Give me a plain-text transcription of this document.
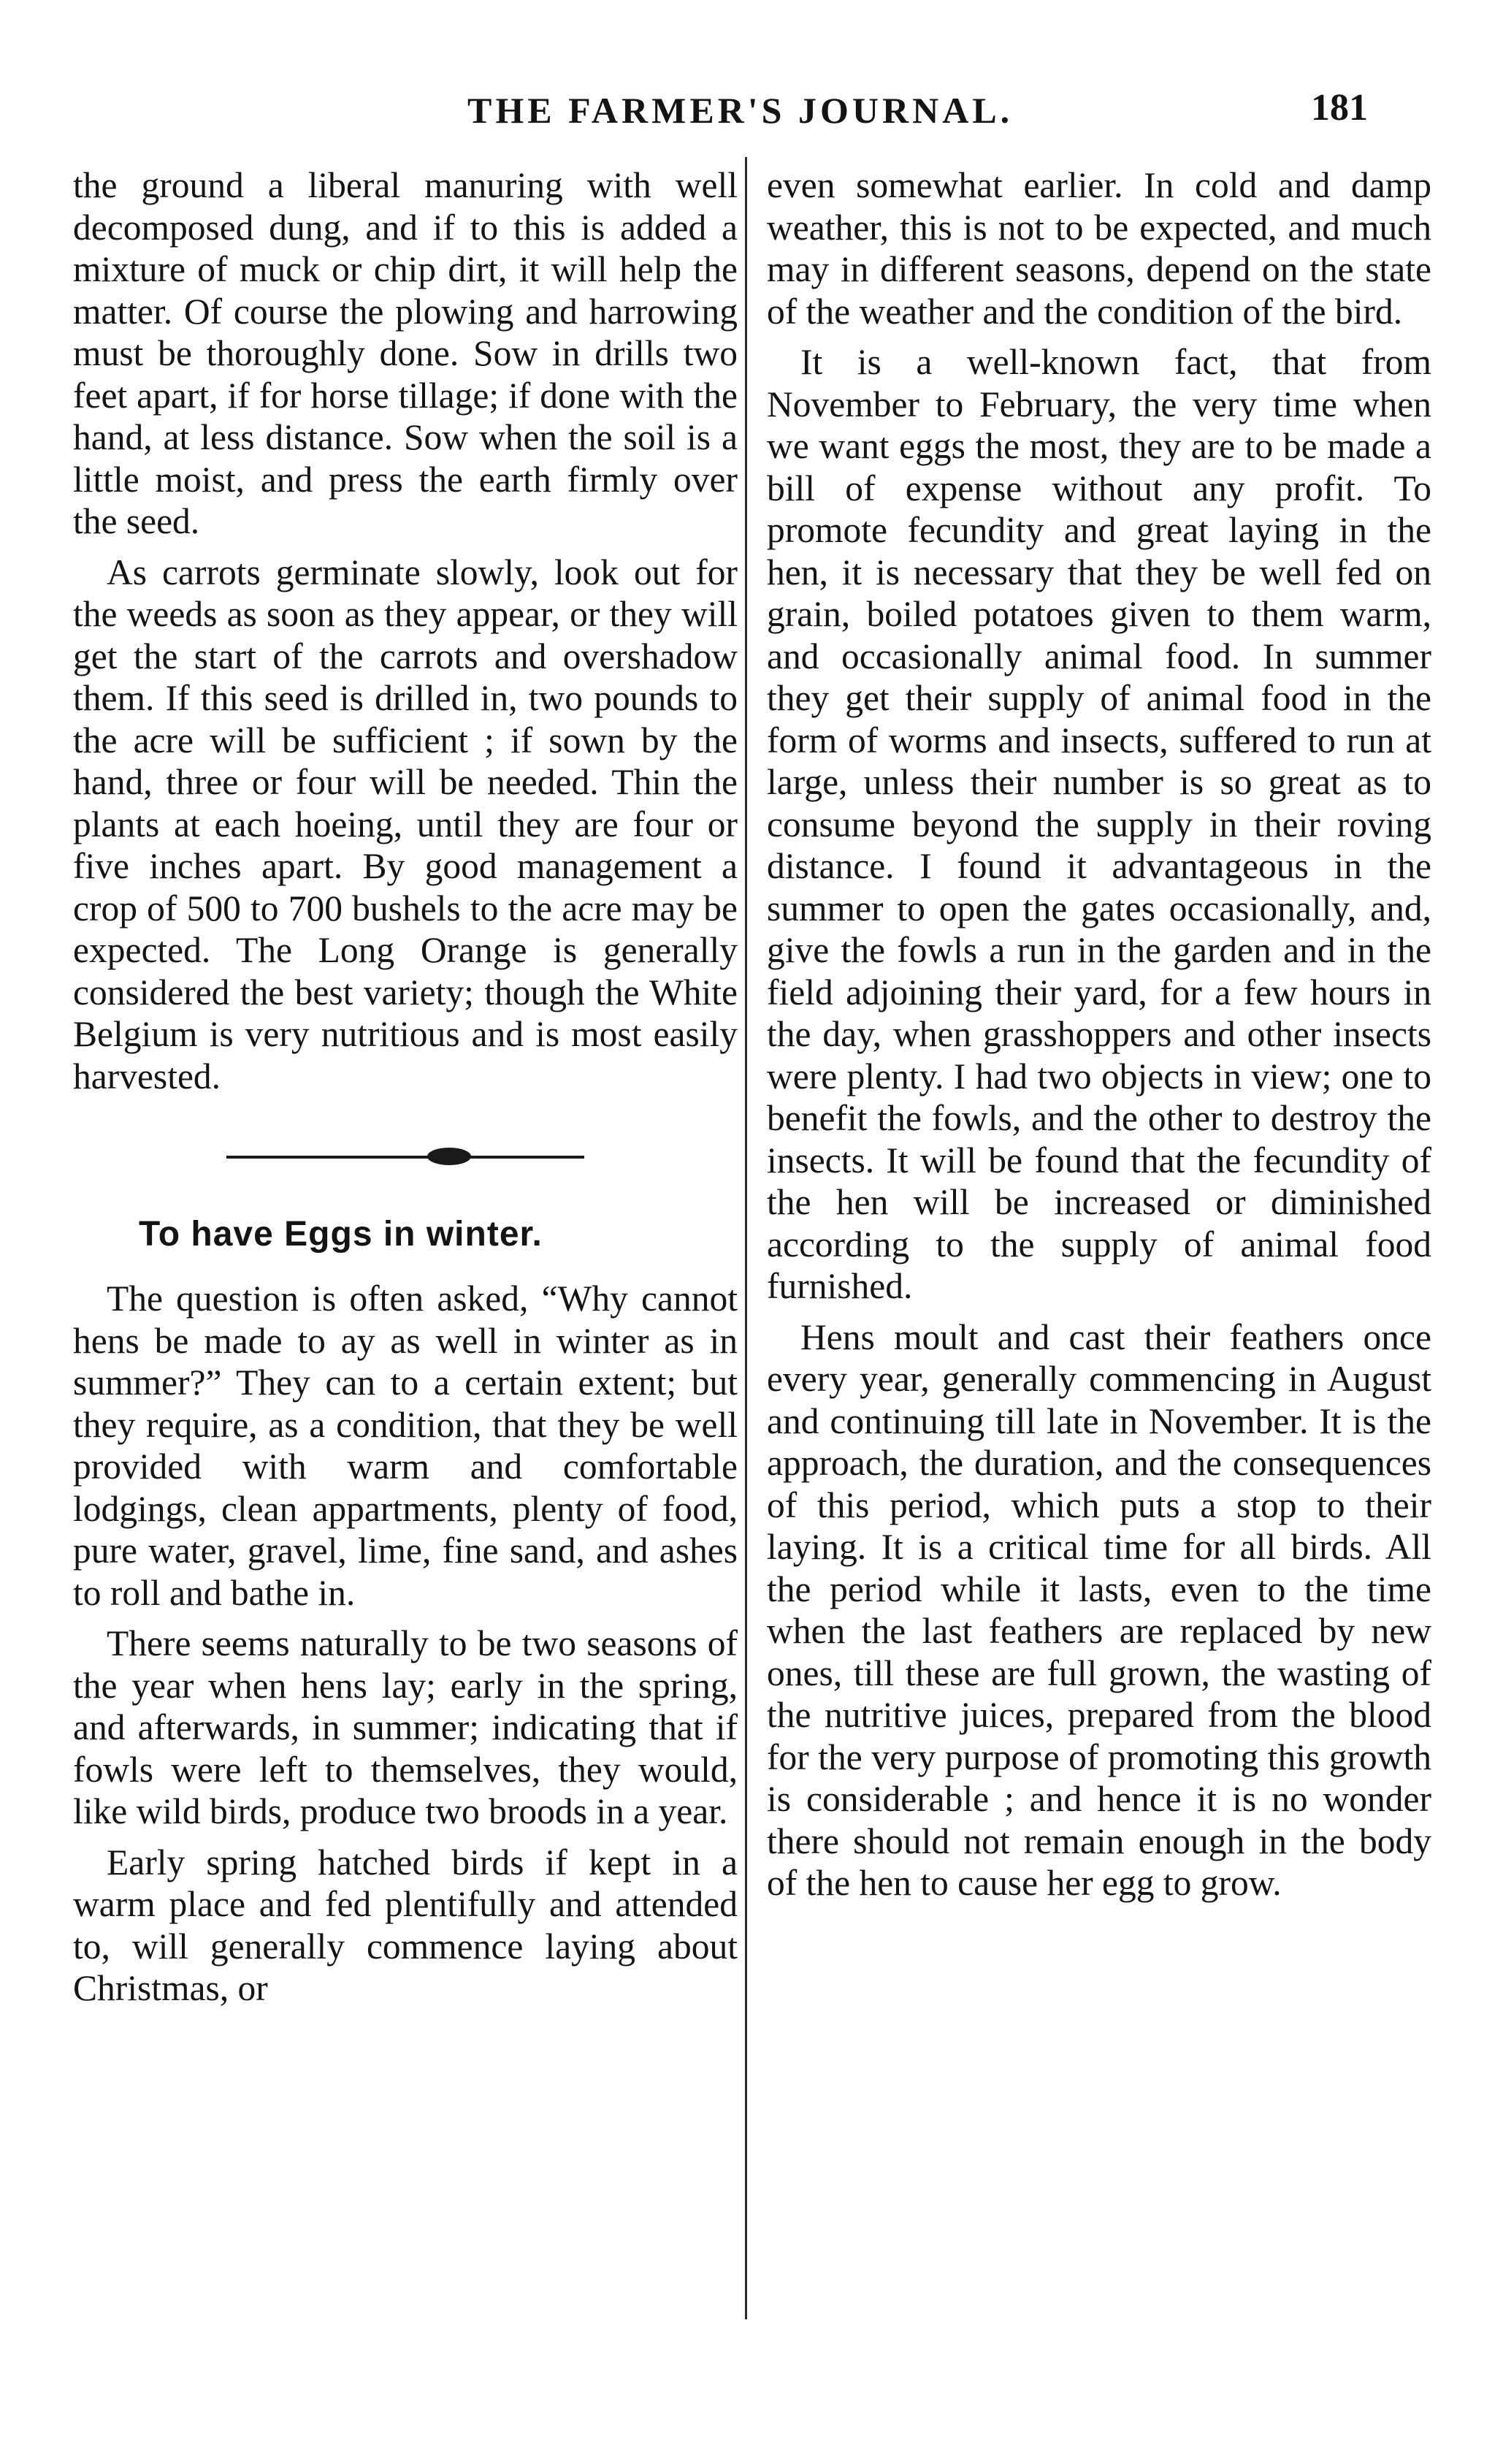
THE FARMER'S JOURNAL.	181

the ground a liberal manuring with well decomposed dung, and if to this is added a mixture of muck or chip dirt, it will help the matter. Of course the plowing and harrowing must be thoroughly done. Sow in drills two feet apart, if for horse tillage; if done with the hand, at less distance. Sow when the soil is a little moist, and press the earth firmly over the seed.

As carrots germinate slowly, look out for the weeds as soon as they appear, or they will get the start of the carrots and overshadow them. If this seed is drilled in, two pounds to the acre will be sufficient ; if sown by the hand, three or four will be needed. Thin the plants at each hoeing, until they are four or five inches apart. By good management a crop of 500 to 700 bushels to the acre may be expected. The Long Orange is generally considered the best variety; though the White Belgium is very nutritious and is most easily harvested.

To have Eggs in winter.

The question is often asked, “Why cannot hens be made to ay as well in winter as in summer?” They can to a certain extent; but they require, as a condition, that they be well provided with warm and comfortable lodgings, clean appartments, plenty of food, pure water, gravel, lime, fine sand, and ashes to roll and bathe in.

There seems naturally to be two seasons of the year when hens lay; early in the spring, and afterwards, in summer; indicating that if fowls were left to themselves, they would, like wild birds, produce two broods in a year.

Early spring hatched birds if kept in a warm place and fed plentifully and attended to, will generally commence laying about Christmas, or

even somewhat earlier. In cold and damp weather, this is not to be expected, and much may in different seasons, depend on the state of the weather and the condition of the bird.

It is a well-known fact, that from November to February, the very time when we want eggs the most, they are to be made a bill of expense without any profit. To promote fecundity and great laying in the hen, it is necessary that they be well fed on grain, boiled potatoes given to them warm, and occasionally animal food. In summer they get their supply of animal food in the form of worms and insects, suffered to run at large, unless their number is so great as to consume beyond the supply in their roving distance. I found it advantageous in the summer to open the gates occasionally, and, give the fowls a run in the garden and in the field adjoining their yard, for a few hours in the day, when grasshoppers and other insects were plenty. I had two objects in view; one to benefit the fowls, and the other to destroy the insects. It will be found that the fecundity of the hen will be increased or diminished according to the supply of animal food furnished.

Hens moult and cast their feathers once every year, generally commencing in August and continuing till late in November. It is the approach, the duration, and the consequences of this period, which puts a stop to their laying. It is a critical time for all birds. All the period while it lasts, even to the time when the last feathers are replaced by new ones, till these are full grown, the wasting of the nutritive juices, prepared from the blood for the very purpose of promoting this growth is considerable ; and hence it is no wonder there should not remain enough in the body of the hen to cause her egg to grow.
